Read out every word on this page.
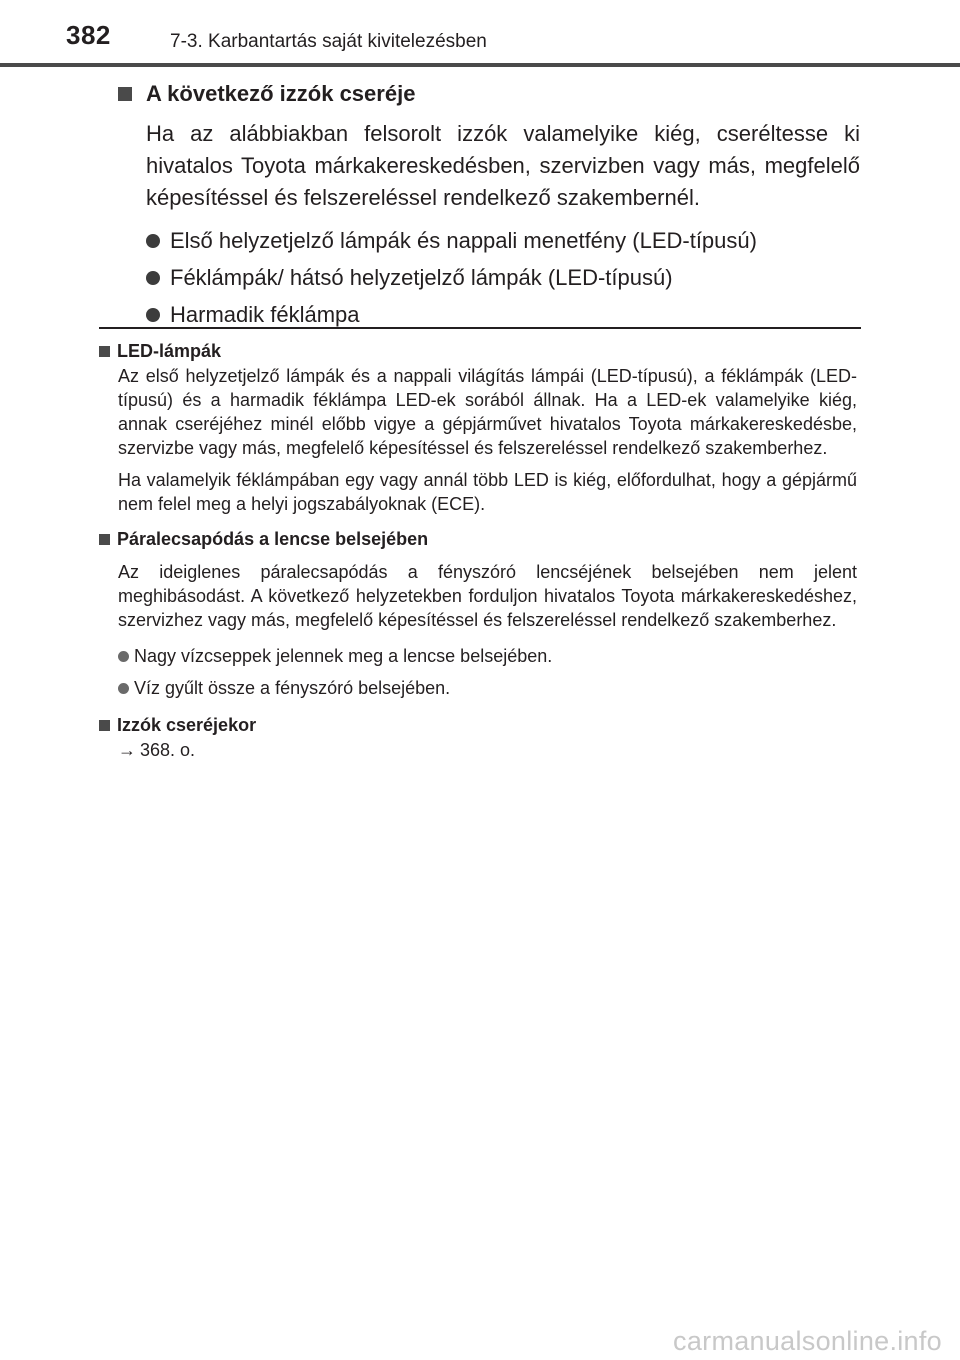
382	7-3. Karbantartás saját kivitelezésben
A következő izzók cseréje
Ha az alábbiakban felsorolt izzók valamelyike kiég, cseréltesse ki hivatalos Toyota márkakereskedésben, szervizben vagy más, megfelelő képesítéssel és felszereléssel rendelkező szakembernél.
Első helyzetjelző lámpák és nappali menetfény (LED-típusú)
Féklámpák/ hátsó helyzetjelző lámpák (LED-típusú)
Harmadik féklámpa
LED-lámpák
Az első helyzetjelző lámpák és a nappali világítás lámpái (LED-típusú), a féklámpák (LED-típusú) és a harmadik féklámpa LED-ek sorából állnak. Ha a LED-ek valamelyike kiég, annak cseréjéhez minél előbb vigye a gépjárművet hivatalos Toyota márkakereskedésbe, szervizbe vagy más, megfelelő képesítéssel és felszereléssel rendelkező szakemberhez.
Ha valamelyik féklámpában egy vagy annál több LED is kiég, előfordulhat, hogy a gépjármű nem felel meg a helyi jogszabályoknak (ECE).
Páralecsapódás a lencse belsejében
Az ideiglenes páralecsapódás a fényszóró lencséjének belsejében nem jelent meghibásodást. A következő helyzetekben forduljon hivatalos Toyota márkakereskedéshez, szervizhez vagy más, megfelelő képesítéssel és felszereléssel rendelkező szakemberhez.
Nagy vízcseppek jelennek meg a lencse belsejében.
Víz gyűlt össze a fényszóró belsejében.
Izzók cseréjekor
→ 368. o.
carmanualsonline.info
